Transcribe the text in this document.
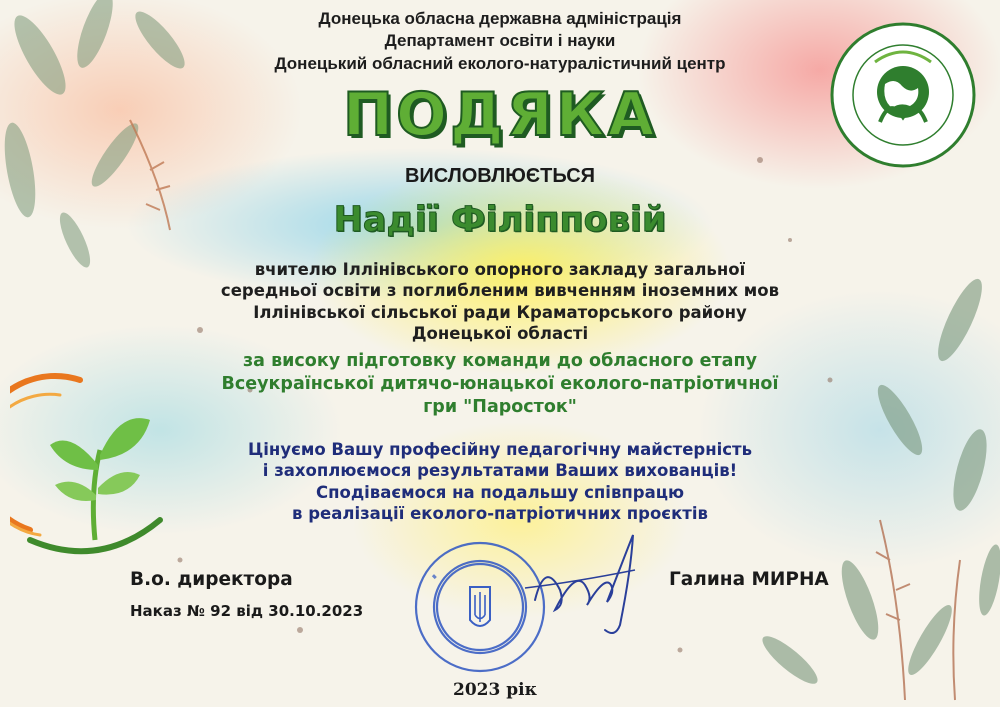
Донецька обласна державна адміністрація
Департамент освіти і науки
Донецький обласний еколого-натуралістичний центр
ПОДЯКА
ВИСЛОВЛЮЄТЬСЯ
Надії Філіпповій
вчителю Іллінівського опорного закладу загальної
середньої освіти з поглибленим вивченням іноземних мов
Іллінівської сільської ради Краматорського району
Донецької області
за високу підготовку команди до обласного етапу
Всеукраїнської дитячо-юнацької еколого-патріотичної
гри "Паросток"
Цінуємо Вашу професійну педагогічну майстерність
і захоплюємося результатами Ваших вихованців!
Сподіваємося на подальшу співпрацю
в реалізації еколого-патріотичних проєктів
В.о. директора	Галина МИРНА
Наказ № 92 від 30.10.2023
2023 рік
